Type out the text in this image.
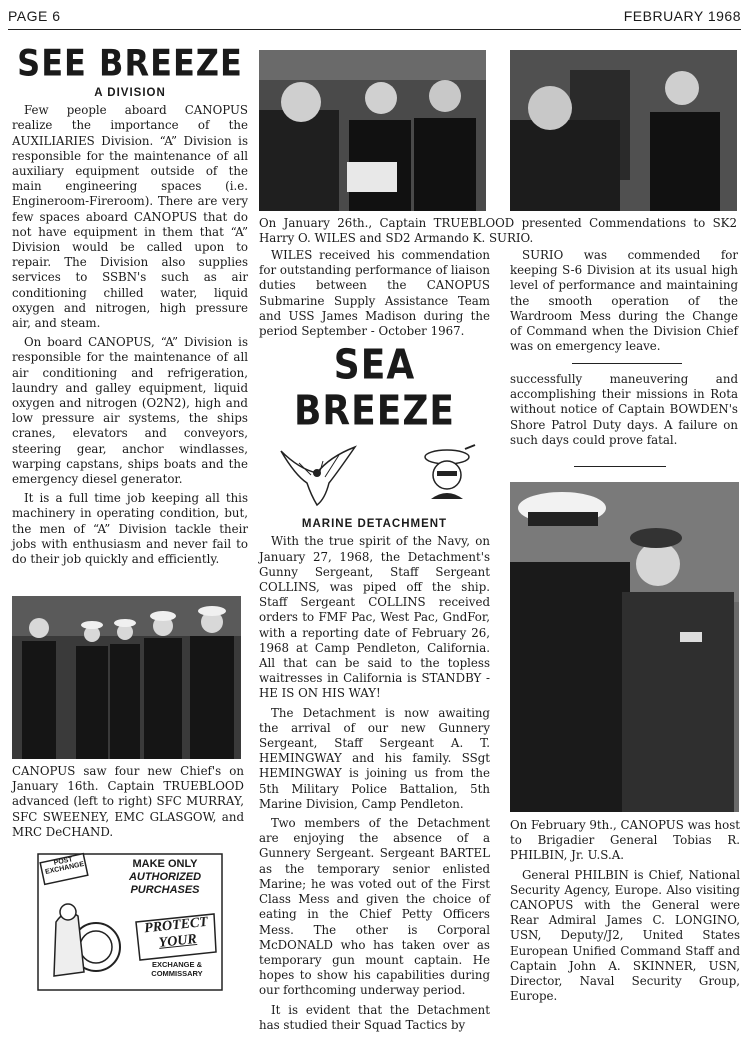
PAGE 6	FEBRUARY 1968
SEE BREEZE
A DIVISION

Few people aboard CANOPUS realize the importance of the AUXILIARIES Division. “A” Division is responsible for the maintenance of all auxiliary equipment outside of the main engineering spaces (i.e. Engineroom-Fireroom). There are very few spaces aboard CANOPUS that do not have equipment in them that “A” Division would be called upon to repair. The Division also supplies services to SSBN's such as air conditioning chilled water, liquid oxygen and nitrogen, high pressure air, and steam.

On board CANOPUS, “A” Division is responsible for the maintenance of all air conditioning and refrigeration, laundry and galley equipment, liquid oxygen and nitrogen (O2N2), high and low pressure air systems, the ships cranes, elevators and conveyors, steering gear, anchor windlasses, warping capstans, ships boats and the emergency diesel generator.

It is a full time job keeping all this machinery in operating condition, but, the men of “A” Division tackle their jobs with enthusiasm and never fail to do their job quickly and efficiently.

CANOPUS saw four new Chief's on January 16th. Captain TRUEBLOOD advanced (left to right) SFC MURRAY, SFC SWEENEY, EMC GLASGOW, and MRC DeCHAND.

POST EXCHANGE	MAKE ONLY
AUTHORIZED
PURCHASES
PROTECT
YOUR
EXCHANGE &
COMMISSARY

On January 26th., Captain TRUEBLOOD presented Commendations to SK2 Harry O. WILES and SD2 Armando K. SURIO.

WILES received his commendation for outstanding performance of liaison duties between the CANOPUS Submarine Supply Assistance Team and USS James Madison during the period September - October 1967.

SEA BREEZE
MARINE DETACHMENT

With the true spirit of the Navy, on January 27, 1968, the Detachment's Gunny Sergeant, Staff Sergeant COLLINS, was piped off the ship. Staff Sergeant COLLINS received orders to FMF Pac, West Pac, GndFor, with a reporting date of February 26, 1968 at Camp Pendleton, California. All that can be said to the topless waitresses in California is STANDBY - HE IS ON HIS WAY!

The Detachment is now awaiting the arrival of our new Gunnery Sergeant, Staff Sergeant A. T. HEMINGWAY and his family. SSgt HEMINGWAY is joining us from the 5th Military Police Battalion, 5th Marine Division, Camp Pendleton.

Two members of the Detachment are enjoying the absence of a Gunnery Sergeant. Sergeant BARTEL as the temporary senior enlisted Marine; he was voted out of the First Class Mess and given the choice of eating in the Chief Petty Officers Mess. The other is Corporal McDONALD who has taken over as temporary gun mount captain. He hopes to show his capabilities during our forthcoming underway period.

It is evident that the Detachment has studied their Squad Tactics by

SURIO was commended for keeping S-6 Division at its usual high level of performance and maintaining the smooth operation of the Wardroom Mess during the Change of Command when the Division Chief was on emergency leave.

successfully maneuvering and accomplishing their missions in Rota without notice of Captain BOWDEN's Shore Patrol Duty days. A failure on such days could prove fatal.

On February 9th., CANOPUS was host to Brigadier General Tobias R. PHILBIN, Jr. U.S.A.

General PHILBIN is Chief, National Security Agency, Europe. Also visiting CANOPUS with the General were Rear Admiral James C. LONGINO, USN, Deputy/J2, United States European Unified Command Staff and Captain John A. SKINNER, USN, Director, Naval Security Group, Europe.
